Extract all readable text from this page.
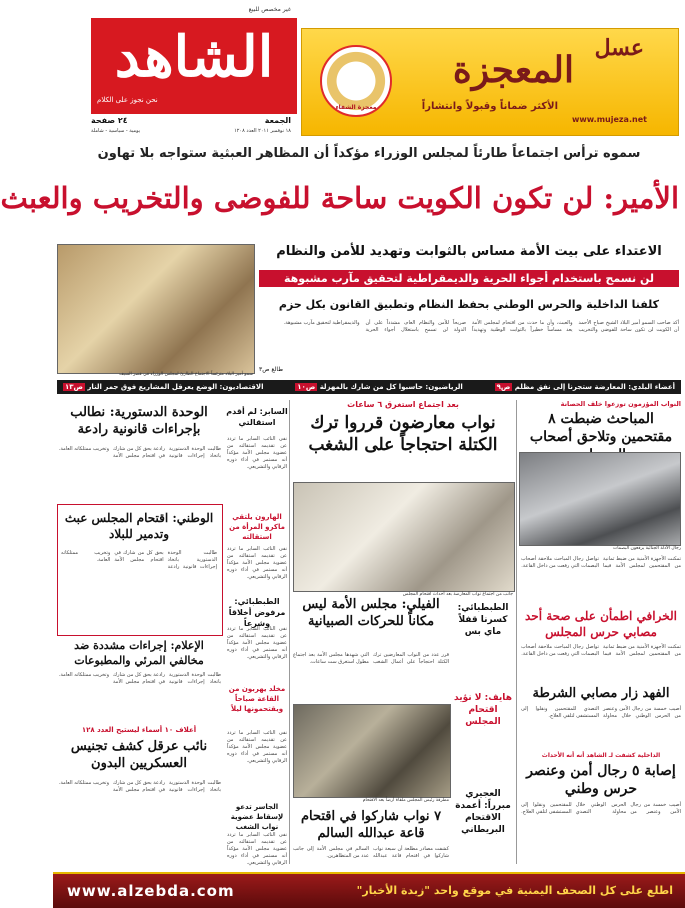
غير مخصص للبيع
الشاهد
نحن نجوز على الكلام
الجمعة
٢٤ صفحة
١٨ نوفمبر ٢٠١١ العدد ١٢٠٨
يومية - سياسية - شاملة
معجزة الشفاء
عسل
المعجزة
الأكثر ضماناً وقبولاً وانتشاراً
www.mujeza.net
سموه ترأس اجتماعاً طارئاً لمجلس الوزراء مؤكداً أن المظاهر العبثية ستواجه بلا تهاون
الأمير: لن تكون الكويت ساحة للفوضى والتخريب والعبث
سمو أمير البلاد مترئساً الاجتماع الطارئ لمجلس الوزراء في قصر السيف
الاعتداء على بيت الأمة مساس بالثوابت وتهديد للأمن والنظام
لن نسمح باستخدام أجواء الحرية والديمقراطية لتحقيق مآرب مشبوهة
كلفنا الداخلية والحرس الوطني بحفظ النظام وتطبيق القانون بكل حزم
أكد صاحب السمو أمير البلاد الشيخ صباح الأحمد أن الكويت لن تكون ساحة للفوضى والتخريب والعبث، وأن ما حدث من اقتحام لمجلس الأمة يعد مساساً خطيراً بالثوابت الوطنية وتهديداً صريحاً للأمن والنظام العام، مشدداً على أن الدولة لن تسمح باستغلال أجواء الحرية والديمقراطية لتحقيق مآرب مشبوهة.
طالع ص٣
أعضاء البلدي: المعارضة ستجرنا إلى نفق مظلم ص٩
الرياضيون: حاسبوا كل من شارك بالمهزلة ص١٠
الاقتصاديون: الوضع يعرقل المشاريع فوق جمر النار ص١٣
النواب المؤزمون توزعوا خلف الحصانة
المباحث ضبطت ٨ مقتحمين وتلاحق أصحاب
رجال الأدلة الجنائية يرفعون البصمات
تمكنت الأجهزة الأمنية من ضبط ثمانية من المقتحمين لمجلس الأمة فيما تواصل رجال المباحث ملاحقة أصحاب البصمات التي رفعت من داخل القاعة.
الخرافي اطمأن على صحة أحد مصابي حرس المجلس
تمكنت الأجهزة الأمنية من ضبط ثمانية من المقتحمين لمجلس الأمة فيما تواصل رجال المباحث ملاحقة أصحاب البصمات التي رفعت من داخل القاعة.
الفهد زار مصابي الشرطة
أصيب خمسة من رجال الأمن وعنصر من الحرس الوطني خلال محاولة التصدي للمقتحمين ونقلوا إلى المستشفى لتلقي العلاج.
الداخلية كشفت لـ الشاهد أنه أنه الأحداث
إصابة ٥ رجال أمن وعنصر حرس وطني
أصيب خمسة من رجال الأمن وعنصر من الحرس الوطني خلال محاولة التصدي للمقتحمين ونقلوا إلى المستشفى لتلقي العلاج.
بعد اجتماع استغرق ٦ ساعات
نواب معارضون قرروا ترك الكتلة احتجاجاً على الشغب
جانب من اجتماع نواب المعارضة بعد أحداث اقتحام المجلس
الطبطبائي: كسرنا قفلاً ماي بس
هايف: لا نؤيد اقتحام المجلس
العجيري مبرراً: أعمدة الاقتحام البريطاني
الفيلي: مجلس الأمة ليس مكاناً للحركات الصبيانية
قرر عدد من النواب المعارضين ترك الكتلة احتجاجاً على أعمال الشغب التي شهدها مجلس الأمة بعد اجتماع مطول استغرق ست ساعات.
مطرقة رئيس المجلس ملقاة أرضاً بعد الاقتحام
٧ نواب شاركوا في اقتحام قاعة عبدالله السالم
كشفت مصادر مطلعة أن سبعة نواب شاركوا في اقتحام قاعة عبدالله السالم في مجلس الأمة إلى جانب عدد من المتظاهرين.
السابر: لم أقدم استقالتي
نفى النائب السابر ما تردد عن تقديمه استقالته من عضوية مجلس الأمة مؤكداً أنه مستمر في أداء دوره الرقابي والتشريعي.
الهارون يلتقي ماكرو المرأة من استقالته
نفى النائب السابر ما تردد عن تقديمه استقالته من عضوية مجلس الأمة مؤكداً أنه مستمر في أداء دوره الرقابي والتشريعي.
الطبطبائي: مرفوض أخلاقاً وشرعاً
نفى النائب السابر ما تردد عن تقديمه استقالته من عضوية مجلس الأمة مؤكداً أنه مستمر في أداء دوره الرقابي والتشريعي.
مخلد يهربون من القاعة صباحاً ويقتحمونها ليلاً
نفى النائب السابر ما تردد عن تقديمه استقالته من عضوية مجلس الأمة مؤكداً أنه مستمر في أداء دوره الرقابي والتشريعي.
الجاسر تدعو لإسقاط عضوية نواب الشغب
نفى النائب السابر ما تردد عن تقديمه استقالته من عضوية مجلس الأمة مؤكداً أنه مستمر في أداء دوره الرقابي والتشريعي.
الوحدة الدستورية: نطالب بإجراءات قانونية رادعة
طالبت الوحدة الدستورية باتخاذ إجراءات قانونية رادعة بحق كل من شارك في اقتحام مجلس الأمة وتخريب ممتلكاته العامة.
الوطني: اقتحام المجلس عبث وتدمير للبلاد
طالبت الوحدة الدستورية باتخاذ إجراءات قانونية رادعة بحق كل من شارك في اقتحام مجلس الأمة وتخريب ممتلكاته العامة.
الإعلام: إجراءات مشددة ضد مخالفي المرئي والمطبوعات
طالبت الوحدة الدستورية باتخاذ إجراءات قانونية رادعة بحق كل من شارك في اقتحام مجلس الأمة وتخريب ممتلكاته العامة.
أعلاف ١٠ أسماء ليستيح العدد ١٢٨
نائب عرقل كشف تجنيس العسكريين البدون
طالبت الوحدة الدستورية باتخاذ إجراءات قانونية رادعة بحق كل من شارك في اقتحام مجلس الأمة وتخريب ممتلكاته العامة.
www.alzebda.com	اطلع على كل الصحف اليمنية في موقع واحد "زبدة الأخبار"
